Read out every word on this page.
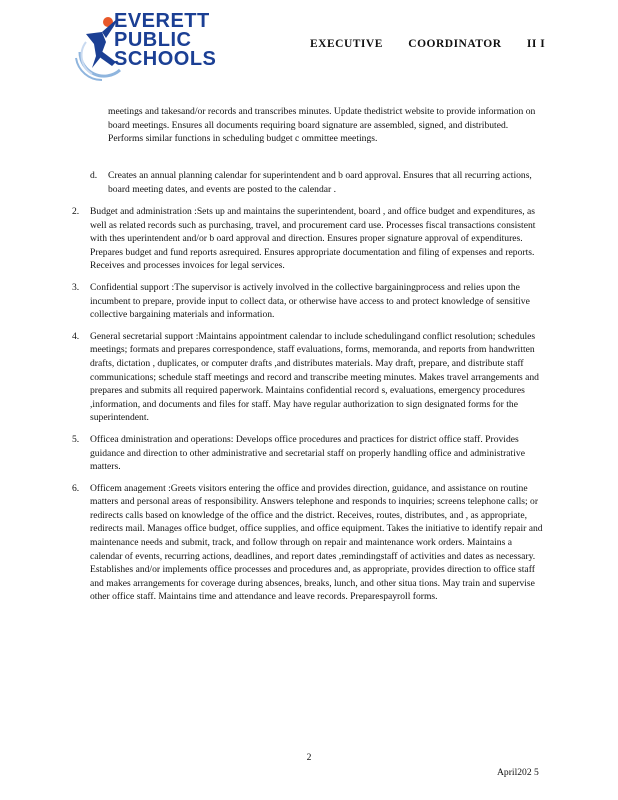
EVERETT
PUBLIC
SCHOOLS
EXECUTIVE COORDINATOR II I

meetings and takesand/or records and transcribes minutes. Update thedistrict website to provide information on board meetings. Ensures all documents requiring board signature are assembled, signed, and distributed. Performs similar functions in scheduling budget c ommittee meetings.

d. Creates an annual planning calendar for superintendent and b oard approval. Ensures that all recurring actions, board meeting dates, and events are posted to the calendar .

2. Budget and administration :Sets up and maintains the superintendent, board , and office budget and expenditures, as well as related records such as purchasing, travel, and procurement card use. Processes fiscal transactions consistent with thes uperintendent and/or b oard approval and direction. Ensures proper signature approval of expenditures. Prepares budget and fund reports asrequired. Ensures appropriate documentation and filing of expenses and reports. Receives and processes invoices for legal services.

3. Confidential support :The supervisor is actively involved in the collective bargainingprocess and relies upon the incumbent to prepare, provide input to collect data, or otherwise have access to and protect knowledge of sensitive collective bargaining materials and information.

4. General secretarial support :Maintains appointment calendar to include schedulingand conflict resolution; schedules meetings; formats and prepares correspondence, staff evaluations, forms, memoranda, and reports from handwritten drafts, dictation , duplicates, or computer drafts ,and distributes materials. May draft, prepare, and distribute staff communications; schedule staff meetings and record and transcribe meeting minutes. Makes travel arrangements and prepares and submits all required paperwork. Maintains confidential record s, evaluations, emergency procedures ,information, and documents and files for staff. May have regular authorization to sign designated forms for the superintendent.

5. Officea dministration and operations: Develops office procedures and practices for district office staff. Provides guidance and direction to other administrative and secretarial staff on properly handling office and administrative matters.

6. Officem anagement :Greets visitors entering the office and provides direction, guidance, and assistance on routine matters and personal areas of responsibility. Answers telephone and responds to inquiries; screens telephone calls; or redirects calls based on knowledge of the office and the district. Receives, routes, distributes, and , as appropriate, redirects mail. Manages office budget, office supplies, and office equipment. Takes the initiative to identify repair and maintenance needs and submit, track, and follow through on repair and maintenance work orders. Maintains a calendar of events, recurring actions, deadlines, and report dates ,remindingstaff of activities and dates as necessary. Establishes and/or implements office processes and procedures and, as appropriate, provides direction to office staff and makes arrangements for coverage during absences, breaks, lunch, and other situa tions. May train and supervise other office staff. Maintains time and attendance and leave records. Preparespayroll forms.

2
April202 5
